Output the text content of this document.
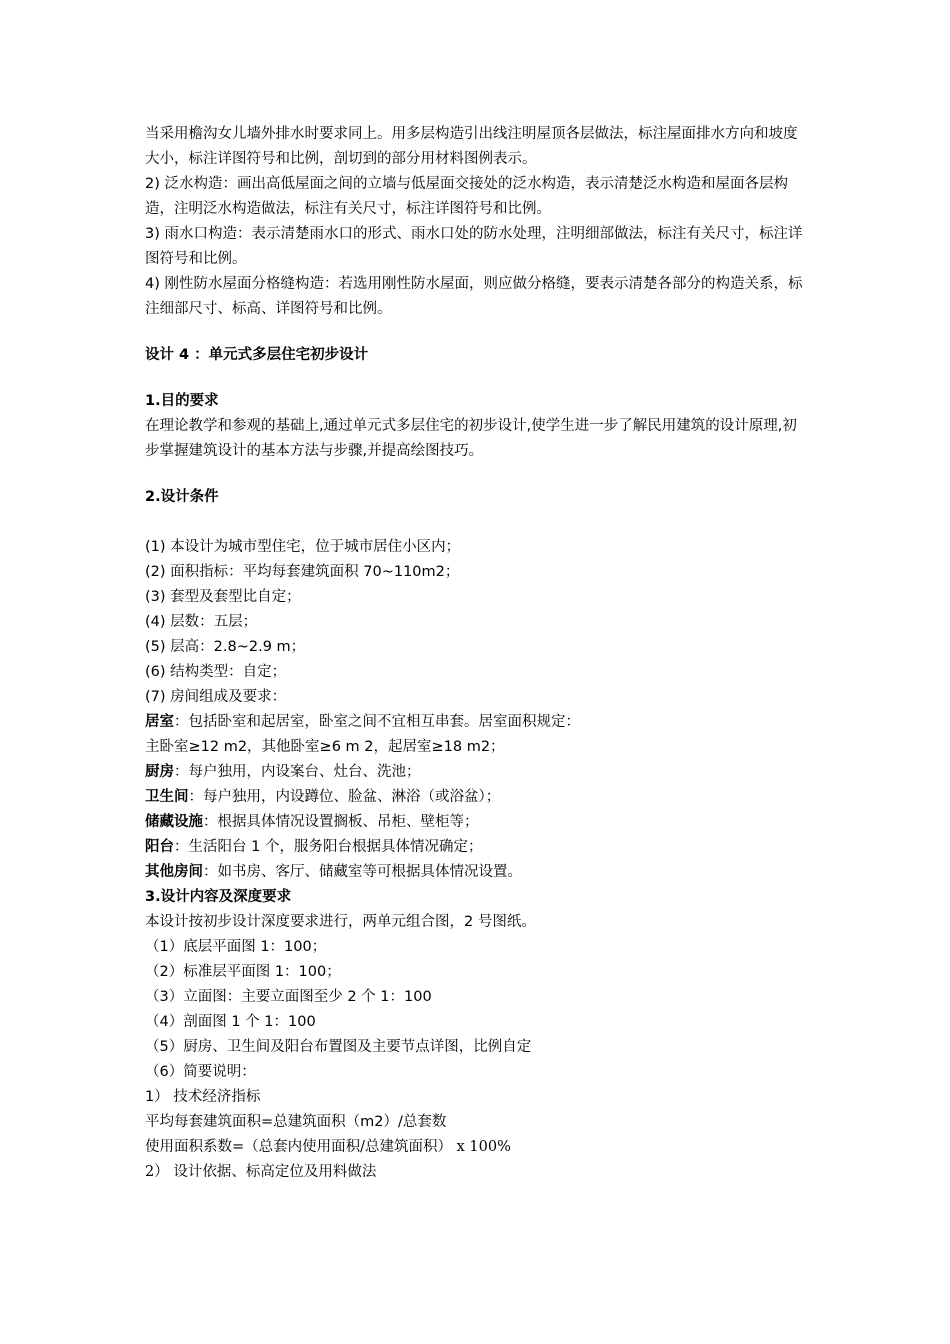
当采用檐沟女儿墙外排水时要求同上。用多层构造引出线注明屋顶各层做法，标注屋面排水方向和坡度大小，标注详图符号和比例，剖切到的部分用材料图例表示。

2) 泛水构造：画出高低屋面之间的立墙与低屋面交接处的泛水构造，表示清楚泛水构造和屋面各层构造，注明泛水构造做法，标注有关尺寸，标注详图符号和比例。

3) 雨水口构造：表示清楚雨水口的形式、雨水口处的防水处理，注明细部做法，标注有关尺寸，标注详图符号和比例。

4) 刚性防水屋面分格缝构造：若选用刚性防水屋面，则应做分格缝，要表示清楚各部分的构造关系，标注细部尺寸、标高、详图符号和比例。

设计 4 ：单元式多层住宅初步设计

1.目的要求

在理论教学和参观的基础上,通过单元式多层住宅的初步设计,使学生进一步了解民用建筑的设计原理,初步掌握建筑设计的基本方法与步骤,并提高绘图技巧。

2.设计条件

(1) 本设计为城市型住宅，位于城市居住小区内；

(2) 面积指标：平均每套建筑面积 70~110m2；

(3) 套型及套型比自定；

(4) 层数：五层；

(5) 层高：2.8~2.9 m；

(6) 结构类型：自定；

(7) 房间组成及要求：

居室：包括卧室和起居室，卧室之间不宜相互串套。居室面积规定：

主卧室≥12 m2，其他卧室≥6 m 2，起居室≥18 m2；

厨房：每户独用，内设案台、灶台、洗池；

卫生间：每户独用，内设蹲位、脸盆、淋浴（或浴盆）；

储藏设施：根据具体情况设置搁板、吊柜、壁柜等；

阳台：生活阳台 1 个，服务阳台根据具体情况确定；

其他房间：如书房、客厅、储藏室等可根据具体情况设置。

3.设计内容及深度要求

本设计按初步设计深度要求进行，两单元组合图，2 号图纸。

（1）底层平面图 1：100；

（2）标准层平面图 1：100；

（3）立面图：主要立面图至少 2 个 1：100

（4）剖面图 1 个 1：100

（5）厨房、卫生间及阳台布置图及主要节点详图，比例自定

（6）简要说明：

1） 技术经济指标

平均每套建筑面积=总建筑面积（m2）/总套数

使用面积系数=（总套内使用面积/总建筑面积） x 100%

2） 设计依据、标高定位及用料做法
